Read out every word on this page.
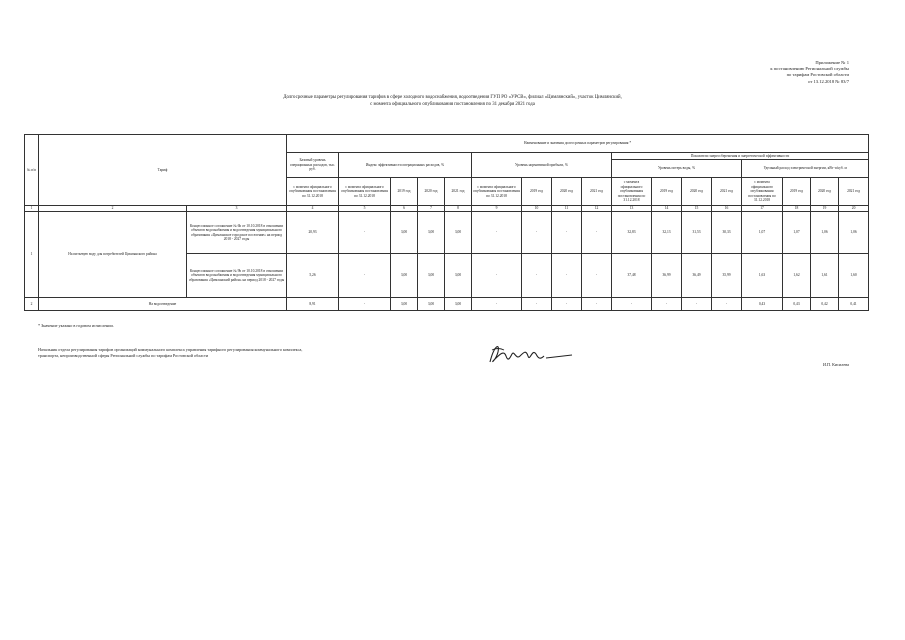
Приложение № 1
к постановлению Региональной службы
по тарифам Ростовской области
от 13.12.2018 № 83/7
Долгосрочные параметры регулирования тарифов в сфере холодного водоснабжения, водоотведения ГУП РО «УРСВ», филиал «Цимлянский», участок Цимлянский,
с момента официального опубликования постановления по 31 декабря 2021 года
№ п/п	Тариф		Наименование и значения долгосрочных параметров регулирования *																
			Базовый уровень операционных расходов, тыс. руб.	Индекс эффективности операционных расходов, %				Уровень нормативной прибыли, %				Показатели энергосбережения и энергетической эффективности							
												Уровень потерь воды, %				Удельный расход электрической энергии, кВт·ч/куб. м			
			с момента официального опубликования постановления по 31.12.2018	с момента официального опубликования постановления по 31.12.2018	2019 год	2020 год	2021 год	с момента официального опубликования постановления по 31.12.2018	2019 год	2020 год	2021 год	с момента официального опубликования постановления по 31.12.2018	2019 год	2020 год	2021 год	с момента официального опубликования постановления по 31.12.2018	2019 год	2020 год	2021 год
1	2	3	4	5	6	7	8	9	10	11	12	13	14	15	16	17	18	19	20
1	На питьевую воду для потребителей Цимлянского района	Концессионное соглашение № 6b от 10.10.2018 в отношении объектов водоснабжения и водоотведения муниципального образования «Цимлянское городское поселение» на период 2018 - 2027 годы	20,93	-	3,00	3,00	3,00	-	-	-	-	32,83	32,13	31,53	30,33	1,07	1,07	1,06	1,06
		Концессионное соглашение № 9b от 10.10.2018 в отношении объектов водоснабжения и водоотведения муниципального образования «Цимлянский район» на период 2018 - 2027 годы	5,26	-	3,00	3,00	3,00	-	-	-	-	37,48	36,99	36,49	35,99	1,63	1,62	1,61	1,60
2	На водоотведение		8,91	-	3,00	3,00	3,00	-	-	-	-	-	-	-	-	0,43	0,43	0,42	0,41
* Значение указано в годовом исчислении.
Начальник отдела регулирования тарифов организаций коммунального комплекса управления тарифного регулирования коммунального комплекса,
транспорта, непроизводственной сферы Региональной службы по тарифам Ростовской области
И.П. Кисилева
